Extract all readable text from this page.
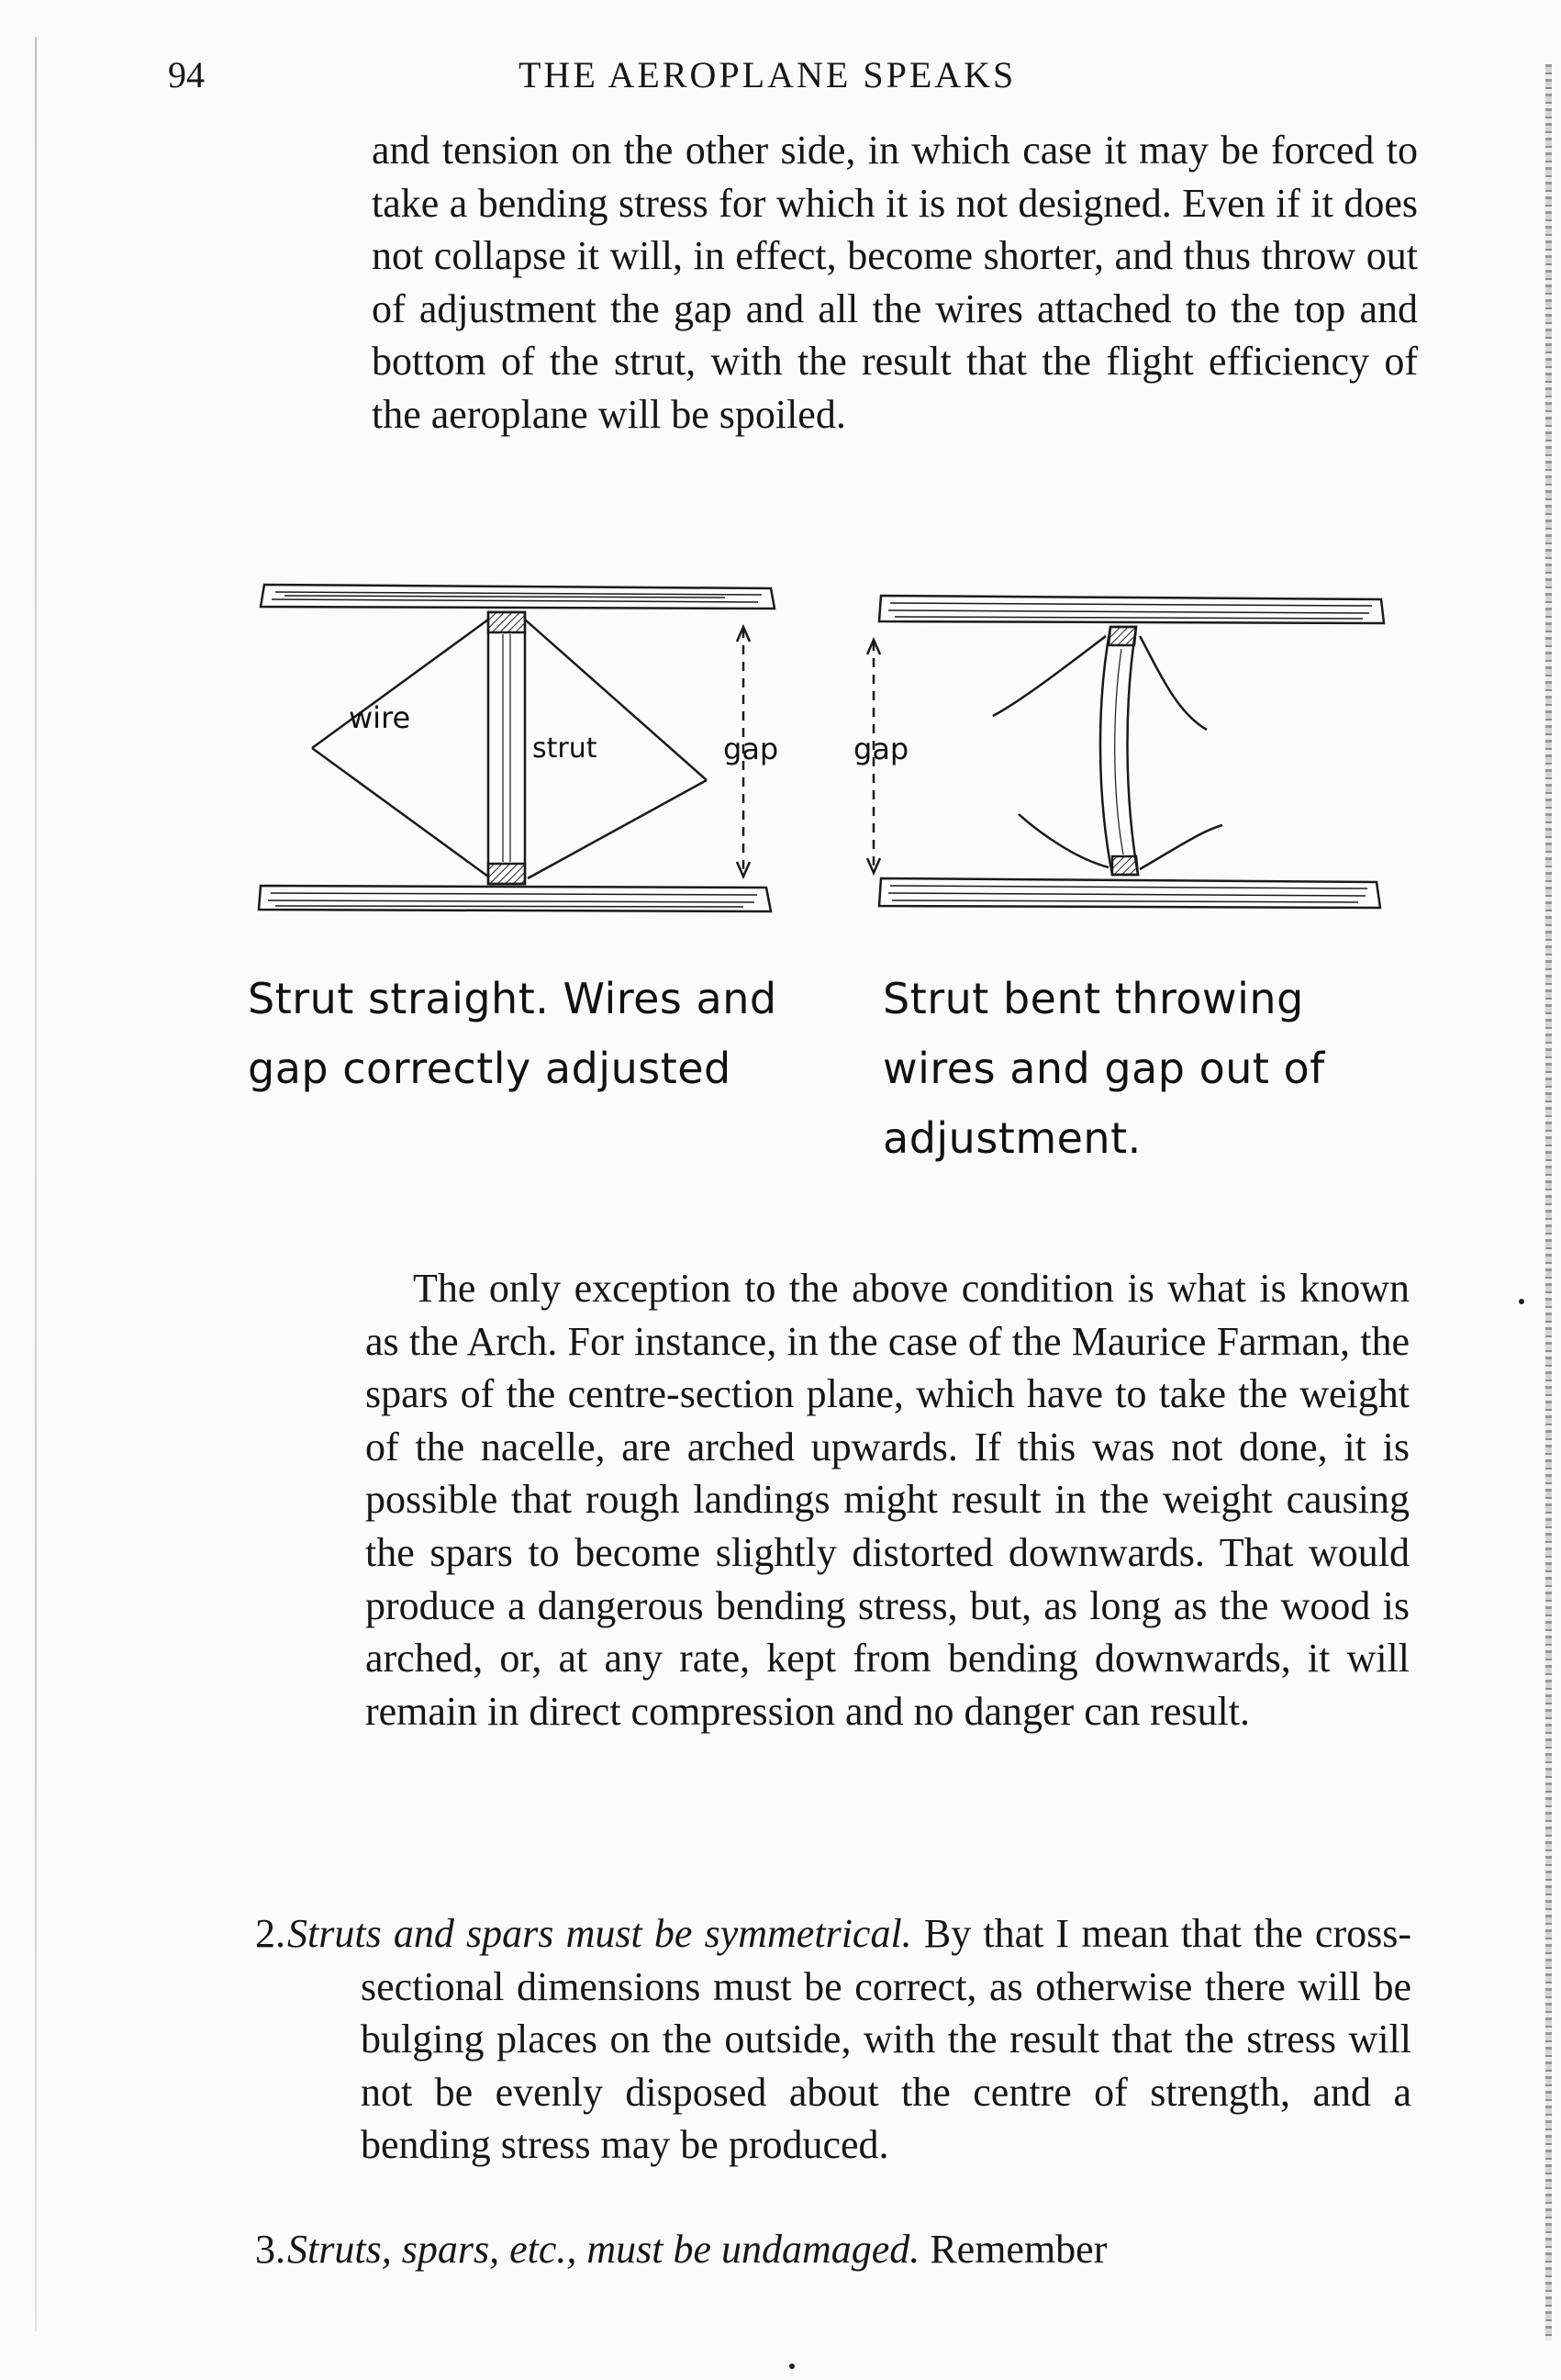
94	THE AEROPLANE SPEAKS

and tension on the other side, in which case it may be forced to take a bending stress for which it is not designed. Even if it does not collapse it will, in effect, become shorter, and thus throw out of adjustment the gap and all the wires attached to the top and bottom of the strut, with the result that the flight efficiency of the aeroplane will be spoiled.

wire
strut	gap	gap
Strut straight. Wires and
gap correctly adjusted
Strut bent throwing
wires and gap out of
adjustment.

The only exception to the above condition is what is known as the Arch. For instance, in the case of the Maurice Farman, the spars of the centre-section plane, which have to take the weight of the nacelle, are arched upwards. If this was not done, it is possible that rough landings might result in the weight causing the spars to become slightly distorted downwards. That would produce a dangerous bending stress, but, as long as the wood is arched, or, at any rate, kept from bending downwards, it will remain in direct compression and no danger can result.

2. Struts and spars must be symmetrical. By that I mean that the cross-sectional dimensions must be correct, as otherwise there will be bulging places on the outside, with the result that the stress will not be evenly disposed about the centre of strength, and a bending stress may be produced.
3. Struts, spars, etc., must be undamaged. Remember
